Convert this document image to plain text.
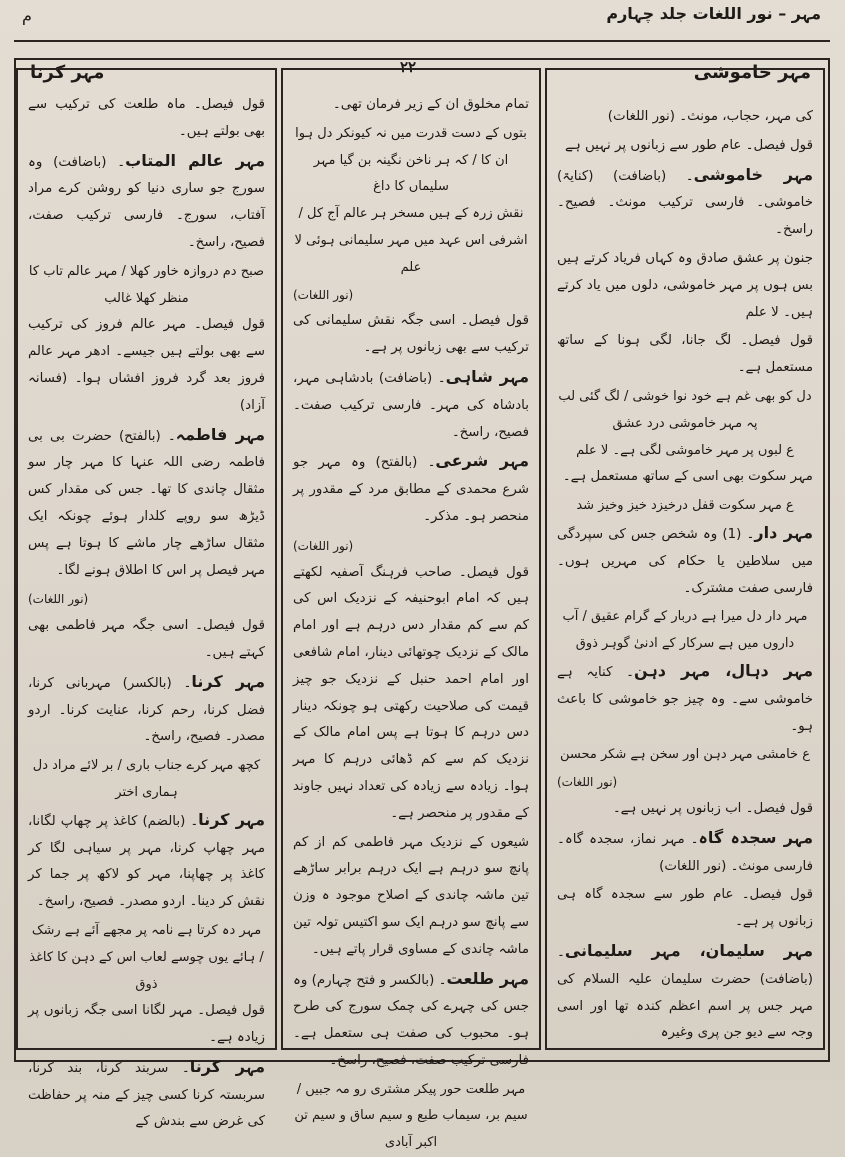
م	مہر – نور اللغات جلد چہارم
۲۲	مہر خاموشی
مہر کرنا

کی مہر، حجاب، مونث۔ (نور اللغات)

قول فیصل۔ عام طور سے زبانوں پر نہیں ہے

مہر خاموشی۔ (باضافت) (کنایۃ) خاموشی۔ فارسی ترکیب مونث۔ فصیح۔ راسخ۔

جنون پر عشق صادق وہ کہاں فریاد کرتے ہیں بس ہوں پر مہر خاموشی، دلوں میں یاد کرتے ہیں۔ لا علم

قول فیصل۔ لگ جانا، لگی ہونا کے ساتھ مستعمل ہے۔

دل کو بھی غم ہے خود نوا خوشی / لگ گئی لب پہ مہر خاموشی درد عشق
ع لبوں پر مہر خاموشی لگی ہے۔ لا علم

مہر سکوت بھی اسی کے ساتھ مستعمل ہے۔

ع مہر سکوت قفل درخیزد خیز وخیز شد

مہر دار۔ (1) وہ شخص جس کی سپردگی میں سلاطین یا حکام کی مہریں ہوں۔ فارسی صفت مشترک۔

مہر دار دل میرا ہے دربار کے گرام عقیق / آب داروں میں ہے سرکار کے ادنیٰ گوہر ذوق

مہر دہال، مہر دہن۔ کنایہ ہے خاموشی سے۔ وہ چیز جو خاموشی کا باعث ہو۔

ع خامشی مہر دہن اور سخن ہے شکر محسن
(نور اللغات)

قول فیصل۔ اب زبانوں پر نہیں ہے۔

مہر سجدہ گاہ۔ مہر نماز، سجدہ گاہ۔ فارسی مونث۔ (نور اللغات)

قول فیصل۔ عام طور سے سجدہ گاہ ہی زبانوں پر ہے۔

مہر سلیمان، مہر سلیمانی۔ (باضافت) حضرت سلیمان علیہ السلام کی مہر جس پر اسم اعظم کندہ تھا اور اسی وجہ سے دیو جن پری وغیرہ

تمام مخلوق ان کے زیر فرمان تھی۔

بتوں کے دست قدرت میں نہ کیونکر دل ہوا ان کا / کہ ہر ناخن نگینہ بن گیا مہر سلیماں کا داغ
نقش زرہ کے ہیں مسخر ہر عالم آج کل / اشرفی اس عہد میں مہر سلیمانی ہوئی لا علم
(نور اللغات)

قول فیصل۔ اسی جگہ نقش سلیمانی کی ترکیب سے بھی زبانوں پر ہے۔

مہر شاہی۔ (باضافت) بادشاہی مہر، بادشاہ کی مہر۔ فارسی ترکیب صفت۔ فصیح، راسخ۔

مہر شرعی۔ (بالفتح) وہ مہر جو شرع محمدی کے مطابق مرد کے مقدور پر منحصر ہو۔ مذکر۔

(نور اللغات)

قول فیصل۔ صاحب فرہنگ آصفیہ لکھتے ہیں کہ امام ابوحنیفہ کے نزدیک اس کی کم سے کم مقدار دس درہم ہے اور امام مالک کے نزدیک چوتھائی دینار، امام شافعی اور امام احمد حنبل کے نزدیک جو چیز قیمت کی صلاحیت رکھتی ہو چونکہ دینار دس درہم کا ہوتا ہے پس امام مالک کے نزدیک کم سے کم ڈھائی درہم کا مہر ہوا۔ زیادہ سے زیادہ کی تعداد نہیں جاوند کے مقدور پر منحصر ہے۔

شیعوں کے نزدیک مہر فاطمی کم از کم پانچ سو درہم ہے ایک درہم برابر ساڑھے تین ماشہ چاندی کے اصلاح موجود ہ وزن سے پانچ سو درہم ایک سو اکتیس تولہ تین ماشہ چاندی کے مساوی قرار پاتے ہیں۔

مہر طلعت۔ (بالکسر و فتح چہارم) وہ جس کی چہرے کی چمک سورج کی طرح ہو۔ محبوب کی صفت ہی ستعمل ہے۔ فارسی ترکیب صفت، فصیح، راسخ۔

مہر طلعت حور پیکر مشتری رو مہ جبیں / سیم بر، سیماب طبع و سیم ساق و سیم تن اکبر آبادی

قول فیصل۔ ماہ طلعت کی ترکیب سے بھی بولتے ہیں۔

مہر عالم المتاب۔ (باضافت) وہ سورج جو ساری دنیا کو روشن کرے مراد آفتاب، سورج۔ فارسی ترکیب صفت، فصیح، راسخ۔

صبح دم دروازہ خاور کھلا / مہر عالم تاب کا منظر کھلا غالب

قول فیصل۔ مہر عالم فروز کی ترکیب سے بھی بولتے ہیں جیسے۔ ادھر مہر عالم فروز بعد گرد فروز افشاں ہوا۔ (فسانہ آزاد)

مہر فاطمہ۔ (بالفتح) حضرت بی بی فاطمہ رضی اللہ عنہا کا مہر چار سو مثقال چاندی کا تھا۔ جس کی مقدار کس ڈیڑھ سو روپے کلدار ہوئے چونکہ ایک مثقال ساڑھے چار ماشے کا ہوتا ہے پس مہر فیصل پر اس کا اطلاق ہونے لگا۔

(نور اللغات)

قول فیصل۔ اسی جگہ مہر فاطمی بھی کہتے ہیں۔

مہر کرنا۔ (بالکسر) مہربانی کرنا، فضل کرنا، رحم کرنا، عنایت کرنا۔ اردو مصدر۔ فصیح، راسخ۔

کچھ مہر کرے جناب باری / بر لائے مراد دل ہماری اختر

مہر کرنا۔ (بالضم) کاغذ پر چھاپ لگانا، مہر چھاپ کرنا، مہر پر سیاہی لگا کر کاغذ پر چھاپنا، مہر کو لاکھ پر جما کر نقش کر دینا۔ اردو مصدر۔ فصیح، راسخ۔

مہر دہ کرتا ہے نامہ پر مجھے آئے ہے رشک / ہائے یوں چوسے لعاب اس کے دہن کا کاغذ ذوق

قول فیصل۔ مہر لگانا اسی جگہ زبانوں پر زیادہ ہے۔

مہر کرنا۔ سربند کرنا، بند کرنا، سربستہ کرنا کسی چیز کے منہ پر حفاظت کی غرض سے بندش کے
